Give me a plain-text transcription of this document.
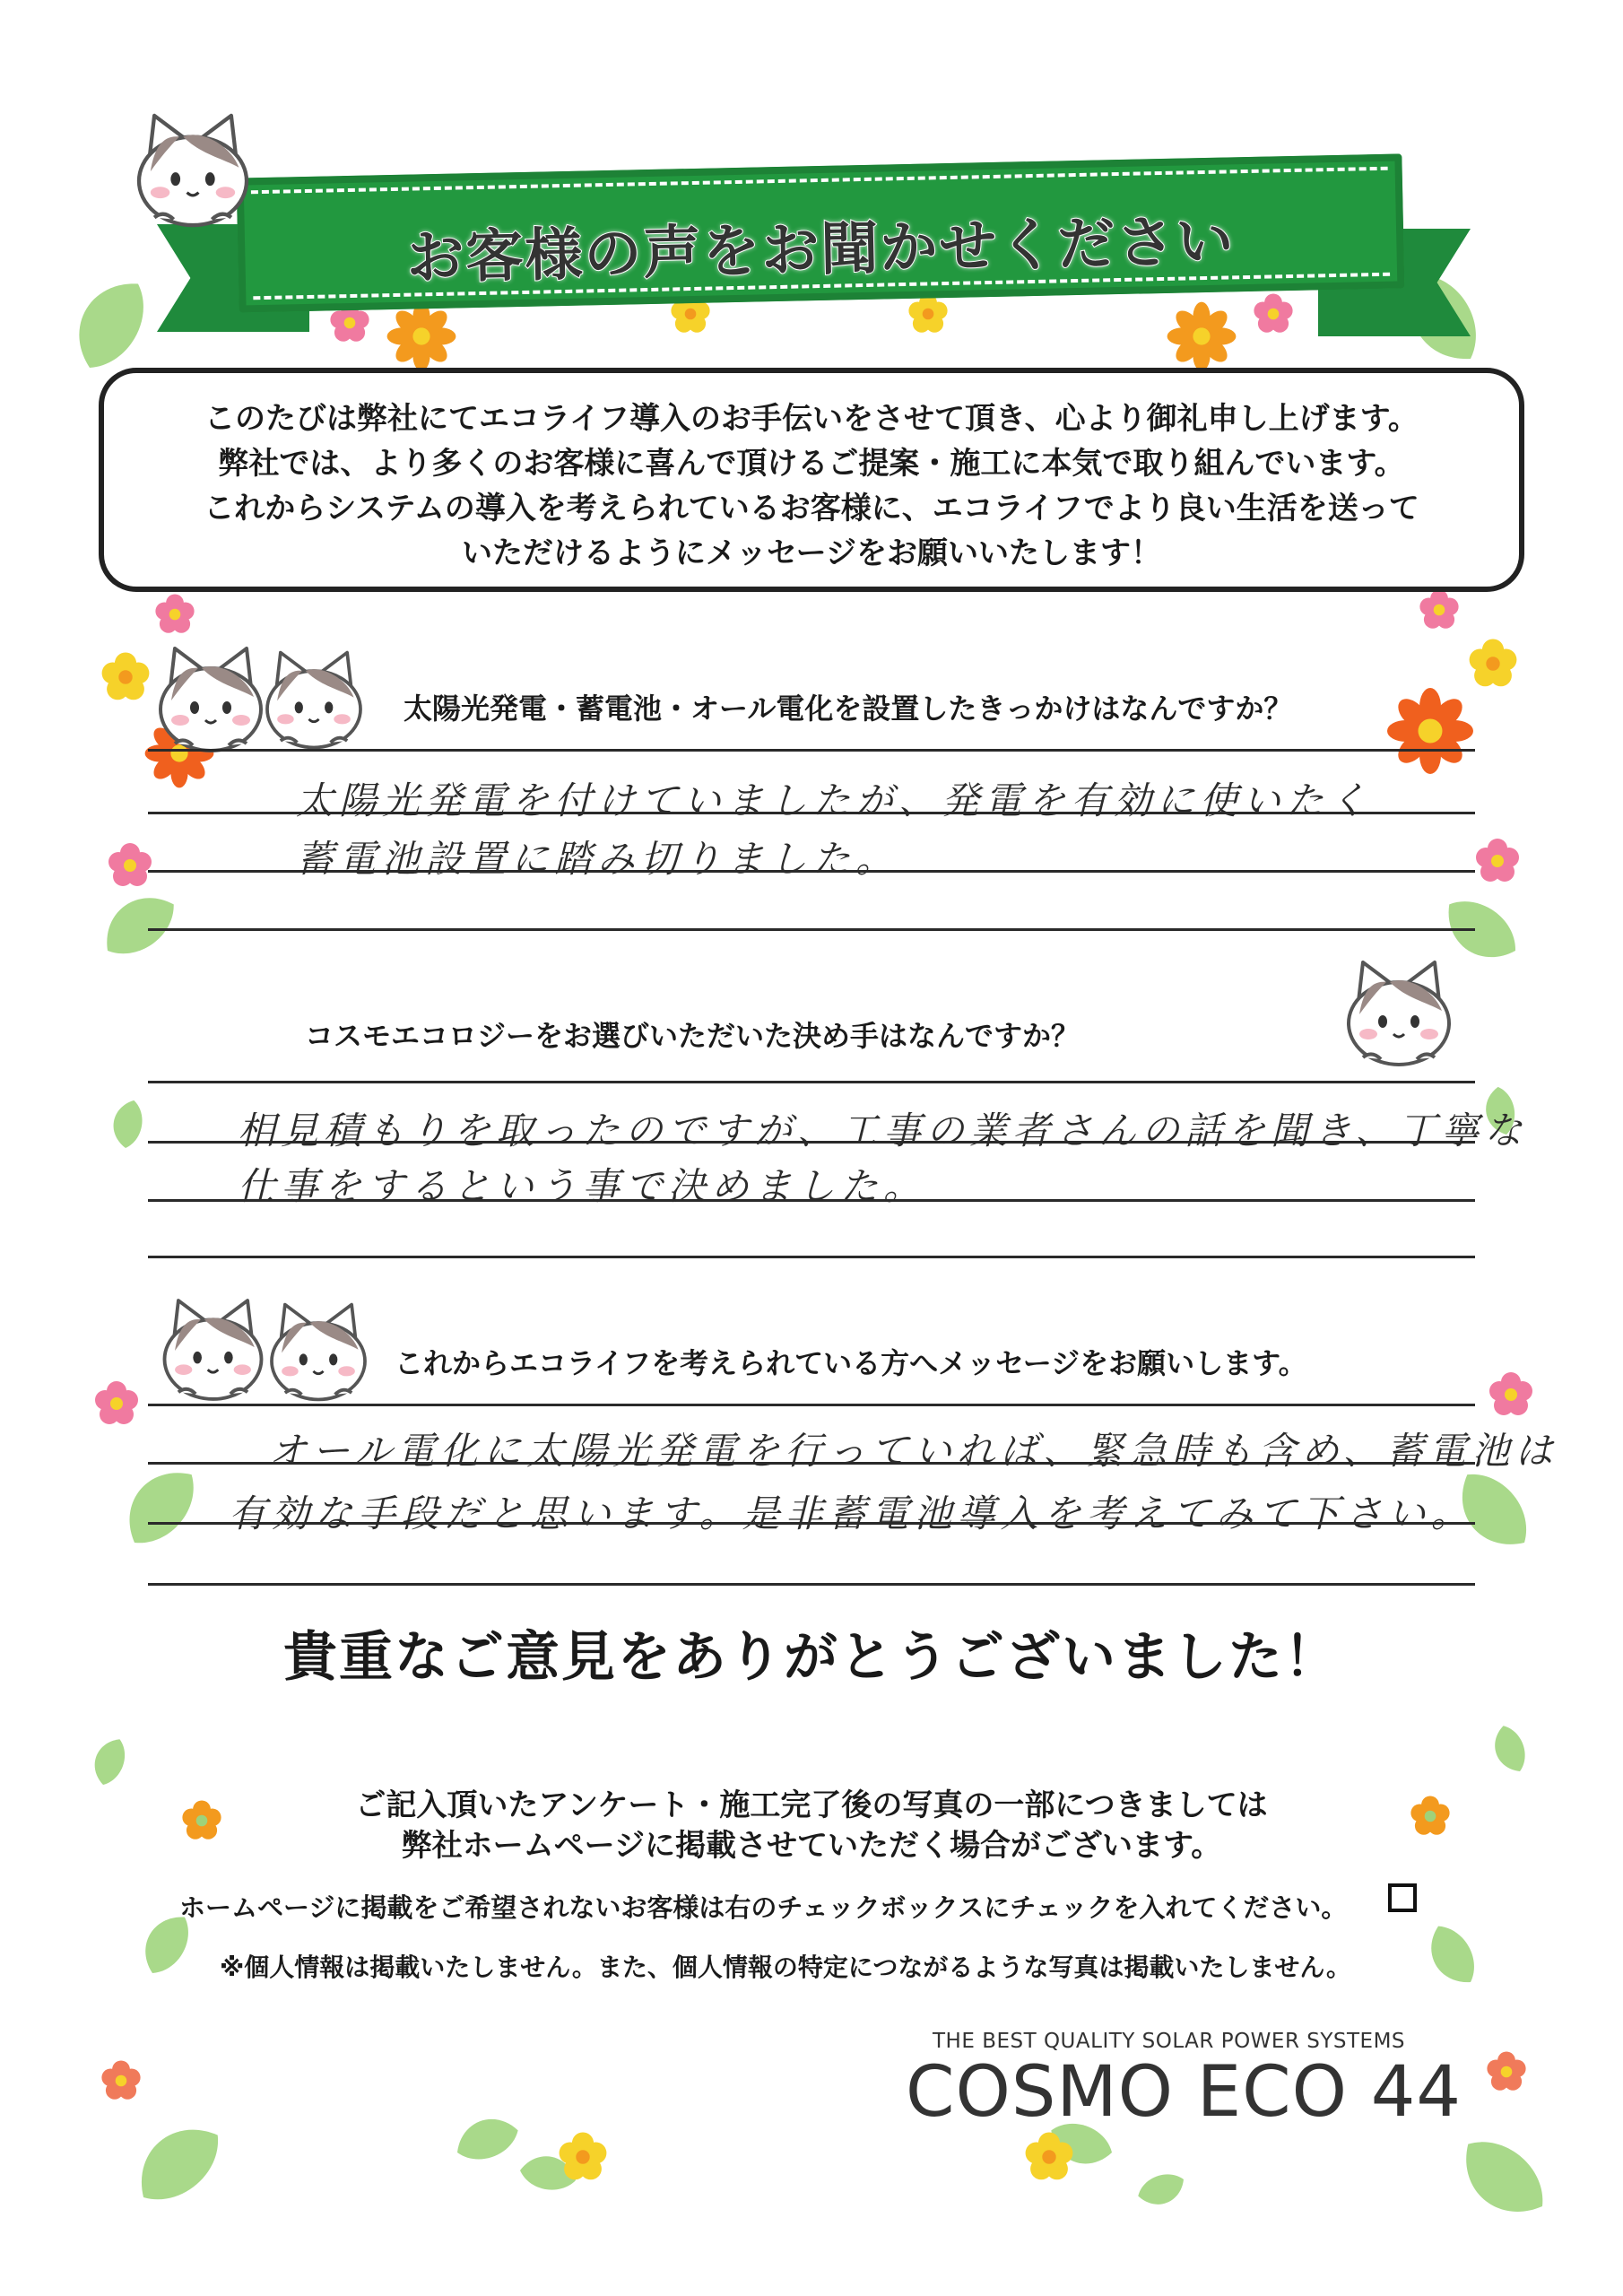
お客様の声をお聞かせください
このたびは弊社にてエコライフ導入のお手伝いをさせて頂き、心より御礼申し上げます。
弊社では、より多くのお客様に喜んで頂けるご提案・施工に本気で取り組んでいます。
これからシステムの導入を考えられているお客様に、エコライフでより良い生活を送って
いただけるようにメッセージをお願いいたします！
太陽光発電・蓄電池・オール電化を設置したきっかけはなんですか？
太陽光発電を付けていましたが、発電を有効に使いたく
蓄電池設置に踏み切りました。
コスモエコロジーをお選びいただいた決め手はなんですか？
相見積もりを取ったのですが、工事の業者さんの話を聞き、丁寧な
仕事をするという事で決めました。
これからエコライフを考えられている方へメッセージをお願いします。
オール電化に太陽光発電を行っていれば、緊急時も含め、蓄電池は
有効な手段だと思います。是非蓄電池導入を考えてみて下さい。
貴重なご意見をありがとうございました！
ご記入頂いたアンケート・施工完了後の写真の一部につきましては
弊社ホームページに掲載させていただく場合がございます。
ホームページに掲載をご希望されないお客様は右のチェックボックスにチェックを入れてください。
※個人情報は掲載いたしません。また、個人情報の特定につながるような写真は掲載いたしません。
THE BEST QUALITY SOLAR POWER SYSTEMS
COSMO ECO 44
